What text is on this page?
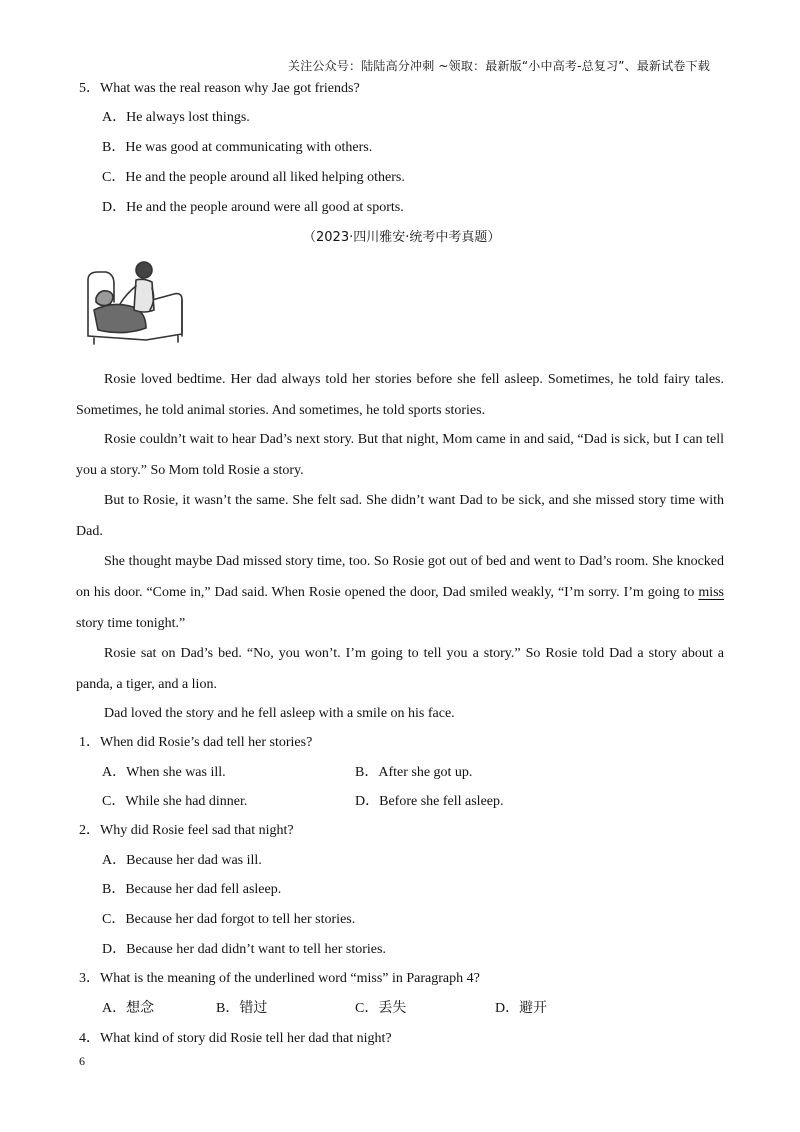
关注公众号：陆陆高分冲刺 ~领取：最新版“小中高考-总复习”、最新试卷下载
5．What was the real reason why Jae got friends?
A．He always lost things.
B．He was good at communicating with others.
C．He and the people around all liked helping others.
D．He and the people around were all good at sports.
（2023·四川雅安·统考中考真题）
Rosie loved bedtime. Her dad always told her stories before she fell asleep. Sometimes, he told fairy tales. Sometimes, he told animal stories. And sometimes, he told sports stories.
Rosie couldn’t wait to hear Dad’s next story. But that night, Mom came in and said, “Dad is sick, but I can tell you a story.” So Mom told Rosie a story.
But to Rosie, it wasn’t the same. She felt sad. She didn’t want Dad to be sick, and she missed story time with Dad.
She thought maybe Dad missed story time, too. So Rosie got out of bed and went to Dad’s room. She knocked on his door. “Come in,” Dad said. When Rosie opened the door, Dad smiled weakly, “I’m sorry. I’m going to miss story time tonight.”
Rosie sat on Dad’s bed. “No, you won’t. I’m going to tell you a story.” So Rosie told Dad a story about a panda, a tiger, and a lion.
Dad loved the story and he fell asleep with a smile on his face.
1．When did Rosie’s dad tell her stories?
A．When she was ill.	B．After she got up.
C．While she had dinner.	D．Before she fell asleep.
2．Why did Rosie feel sad that night?
A．Because her dad was ill.
B．Because her dad fell asleep.
C．Because her dad forgot to tell her stories.
D．Because her dad didn’t want to tell her stories.
3．What is the meaning of the underlined word “miss” in Paragraph 4?
A．想念	B．错过	C．丢失	D．避开
4．What kind of story did Rosie tell her dad that night?
6
